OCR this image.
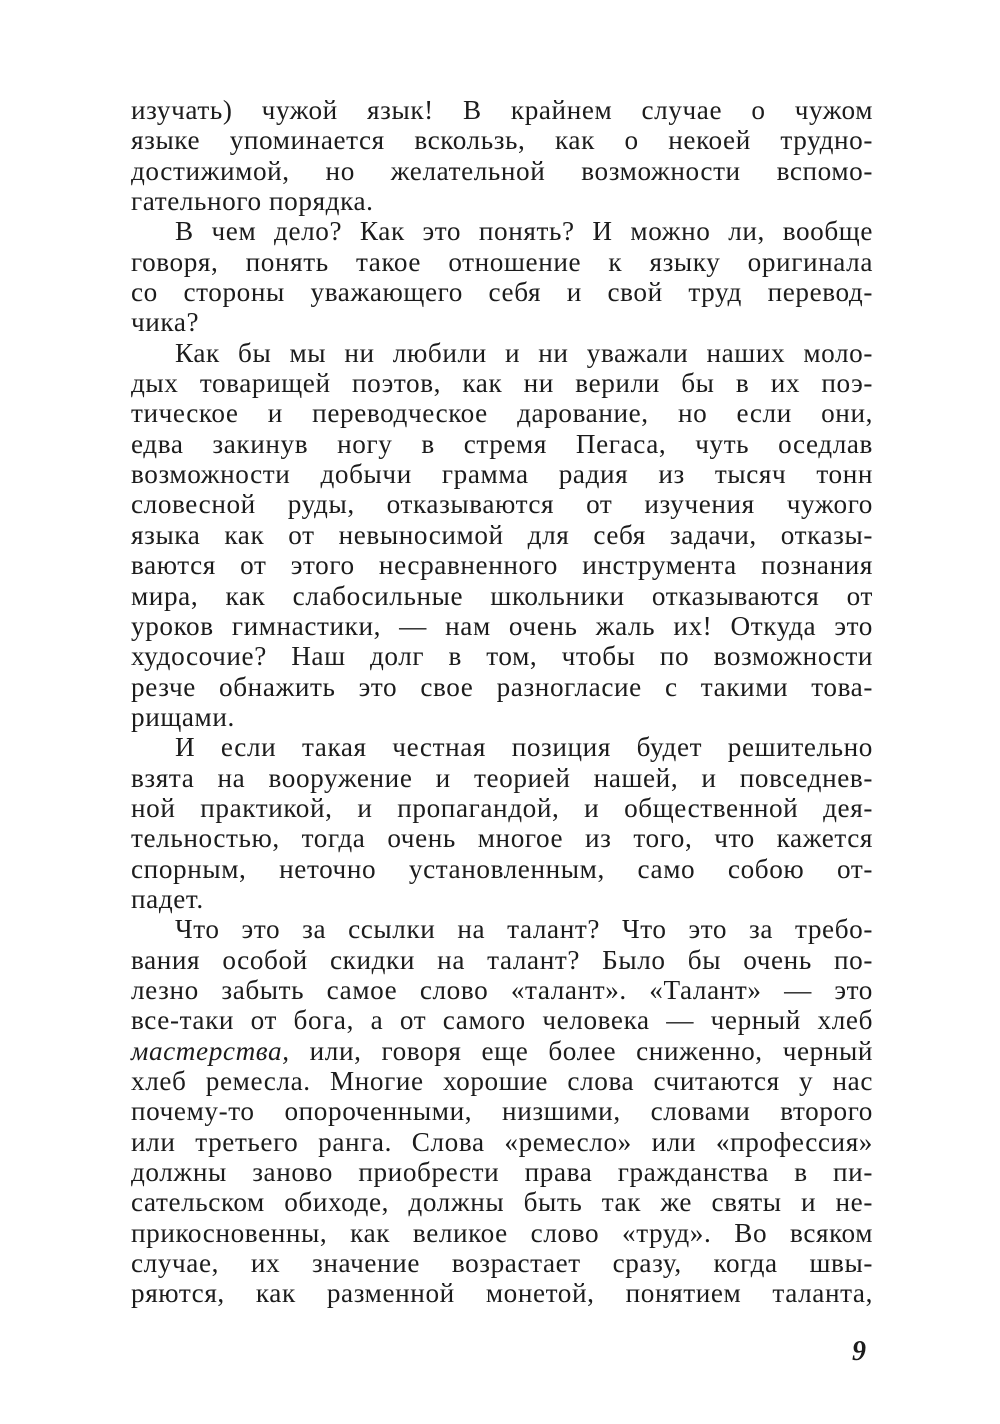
изучать) чужой язык! В крайнем случае о чужом
языке упоминается вскользь, как о некоей трудно-
достижимой, но желательной возможности вспомо-
гательного порядка.
В чем дело? Как это понять? И можно ли, вообще
говоря, понять такое отношение к языку оригинала
со стороны уважающего себя и свой труд перевод-
чика?
Как бы мы ни любили и ни уважали наших моло-
дых товарищей поэтов, как ни верили бы в их поэ-
тическое и переводческое дарование, но если они,
едва закинув ногу в стремя Пегаса, чуть оседлав
возможности добычи грамма радия из тысяч тонн
словесной руды, отказываются от изучения чужого
языка как от невыносимой для себя задачи, отказы-
ваются от этого несравненного инструмента познания
мира, как слабосильные школьники отказываются от
уроков гимнастики, — нам очень жаль их! Откуда это
худосочие? Наш долг в том, чтобы по возможности
резче обнажить это свое разногласие с такими това-
рищами.
И если такая честная позиция будет решительно
взята на вооружение и теорией нашей, и повседнев-
ной практикой, и пропагандой, и общественной дея-
тельностью, тогда очень многое из того, что кажется
спорным, неточно установленным, само собою от-
падет.
Что это за ссылки на талант? Что это за требо-
вания особой скидки на талант? Было бы очень по-
лезно забыть самое слово «талант». «Талант» — это
все-таки от бога, а от самого человека — черный хлеб
мастерства, или, говоря еще более сниженно, черный
хлеб ремесла. Многие хорошие слова считаются у нас
почему-то опороченными, низшими, словами второго
или третьего ранга. Слова «ремесло» или «профессия»
должны заново приобрести права гражданства в пи-
сательском обиходе, должны быть так же святы и не-
прикосновенны, как великое слово «труд». Во всяком
случае, их значение возрастает сразу, когда швы-
ряются, как разменной монетой, понятием таланта,
9
